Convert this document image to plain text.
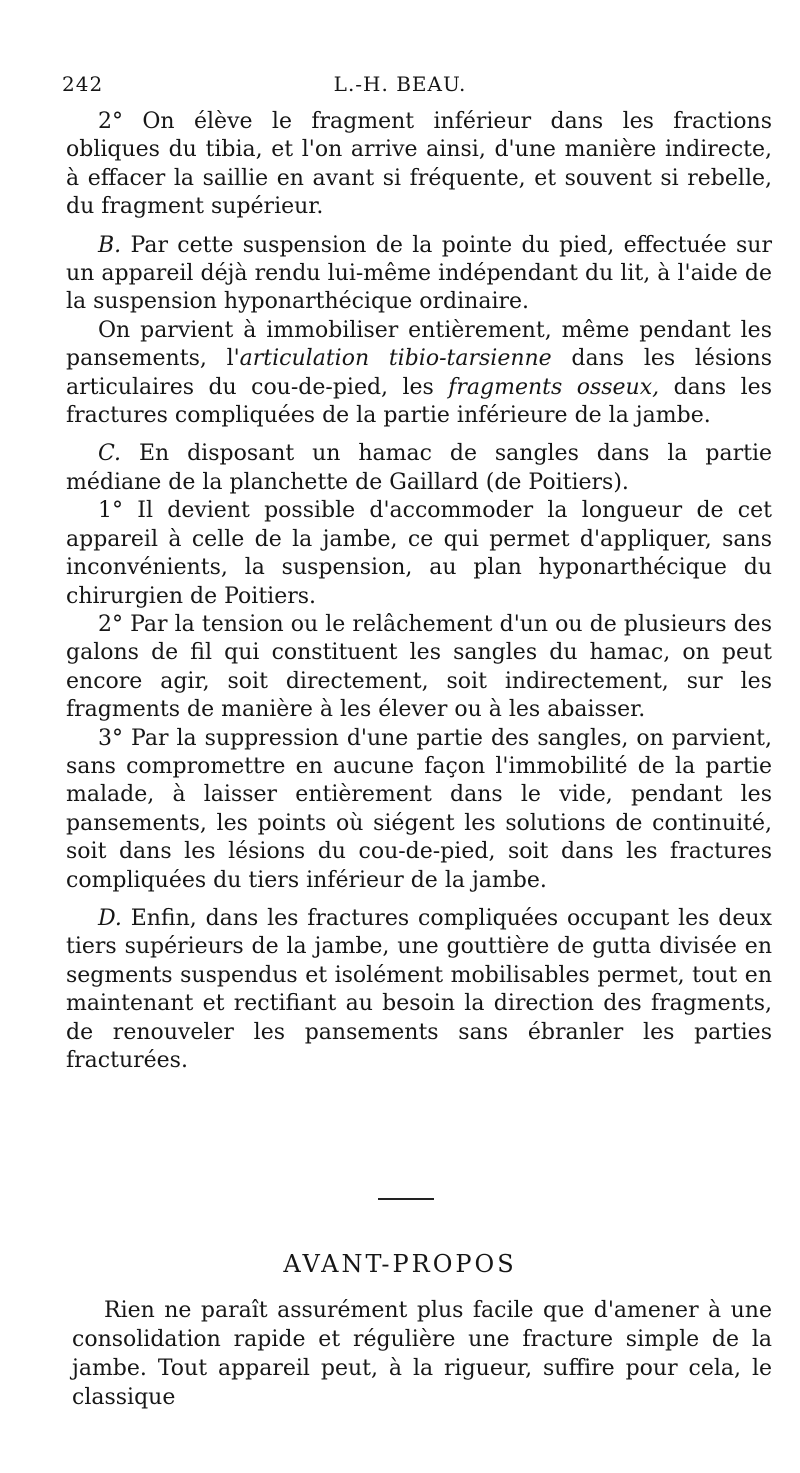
242	L.-H. BEAU.

2° On élève le fragment inférieur dans les fractions obliques du tibia, et l'on arrive ainsi, d'une manière indirecte, à effacer la saillie en avant si fréquente, et souvent si rebelle, du fragment supérieur.

B. Par cette suspension de la pointe du pied, effectuée sur un appareil déjà rendu lui-même indépendant du lit, à l'aide de la suspension hyponarthécique ordinaire.

On parvient à immobiliser entièrement, même pendant les pansements, l'articulation tibio-tarsienne dans les lésions articulaires du cou-de-pied, les fragments osseux, dans les fractures compliquées de la partie inférieure de la jambe.

C. En disposant un hamac de sangles dans la partie médiane de la planchette de Gaillard (de Poitiers).

1° Il devient possible d'accommoder la longueur de cet appareil à celle de la jambe, ce qui permet d'appliquer, sans inconvénients, la suspension, au plan hyponarthécique du chirurgien de Poitiers.

2° Par la tension ou le relâchement d'un ou de plusieurs des galons de fil qui constituent les sangles du hamac, on peut encore agir, soit directement, soit indirectement, sur les fragments de manière à les élever ou à les abaisser.

3° Par la suppression d'une partie des sangles, on parvient, sans compromettre en aucune façon l'immobilité de la partie malade, à laisser entièrement dans le vide, pendant les pansements, les points où siégent les solutions de continuité, soit dans les lésions du cou-de-pied, soit dans les fractures compliquées du tiers inférieur de la jambe.

D. Enfin, dans les fractures compliquées occupant les deux tiers supérieurs de la jambe, une gouttière de gutta divisée en segments suspendus et isolément mobilisables permet, tout en maintenant et rectifiant au besoin la direction des fragments, de renouveler les pansements sans ébranler les parties fracturées.

AVANT-PROPOS

Rien ne paraît assurément plus facile que d'amener à une consolidation rapide et régulière une fracture simple de la jambe. Tout appareil peut, à la rigueur, suffire pour cela, le classique
